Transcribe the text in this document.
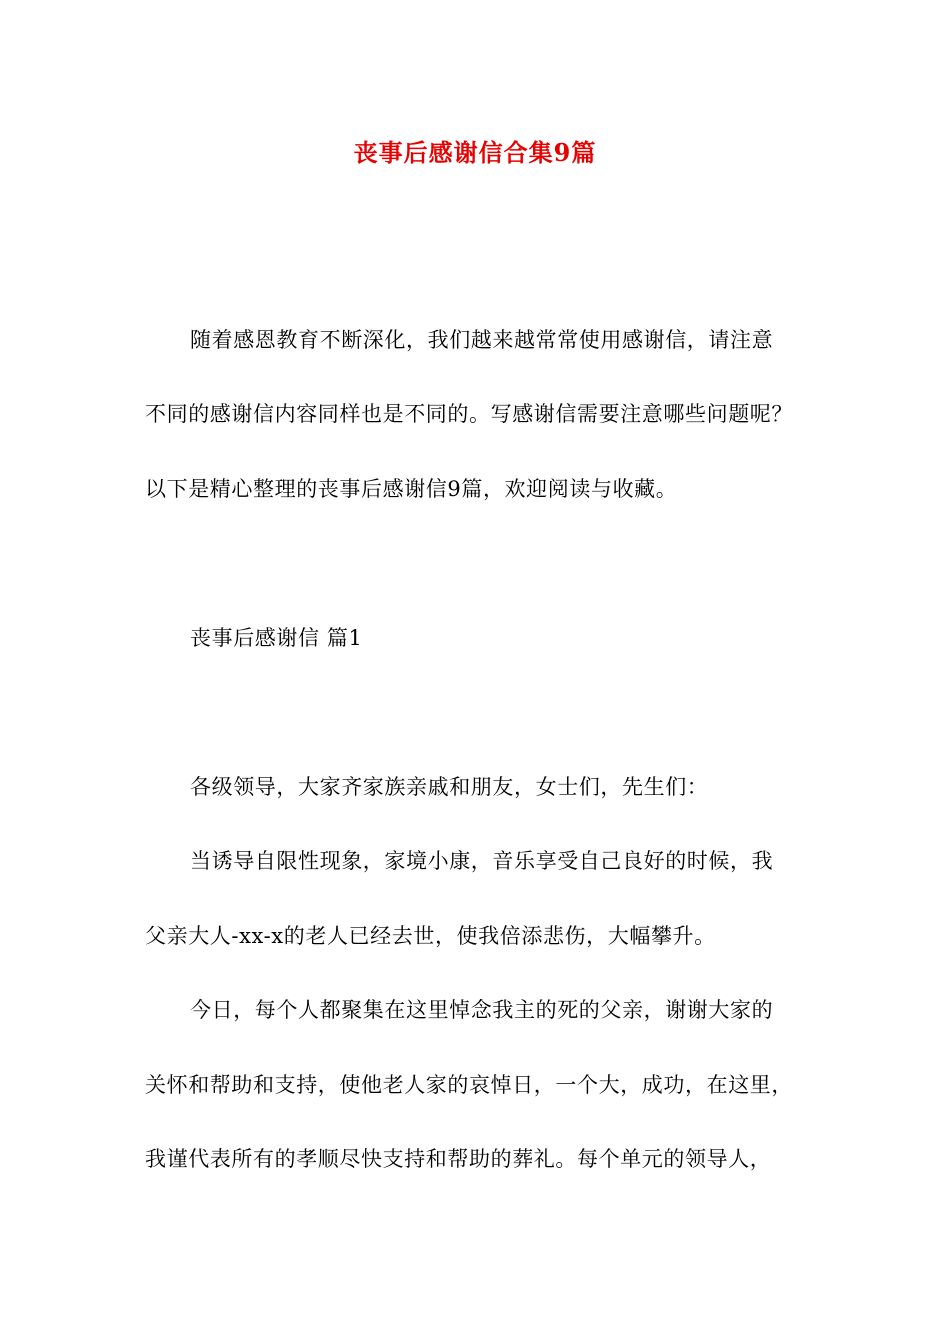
丧事后感谢信合集9篇
随着感恩教育不断深化，我们越来越常常使用感谢信，请注意
不同的感谢信内容同样也是不同的。写感谢信需要注意哪些问题呢？
以下是精心整理的丧事后感谢信9篇，欢迎阅读与收藏。
丧事后感谢信 篇1
各级领导，大家齐家族亲戚和朋友，女士们，先生们：
当诱导自限性现象，家境小康，音乐享受自己良好的时候，我
父亲大人-xx-x的老人已经去世，使我倍添悲伤，大幅攀升。
今日，每个人都聚集在这里悼念我主的死的父亲，谢谢大家的
关怀和帮助和支持，使他老人家的哀悼日，一个大，成功，在这里，
我谨代表所有的孝顺尽快支持和帮助的葬礼。每个单元的领导人，
